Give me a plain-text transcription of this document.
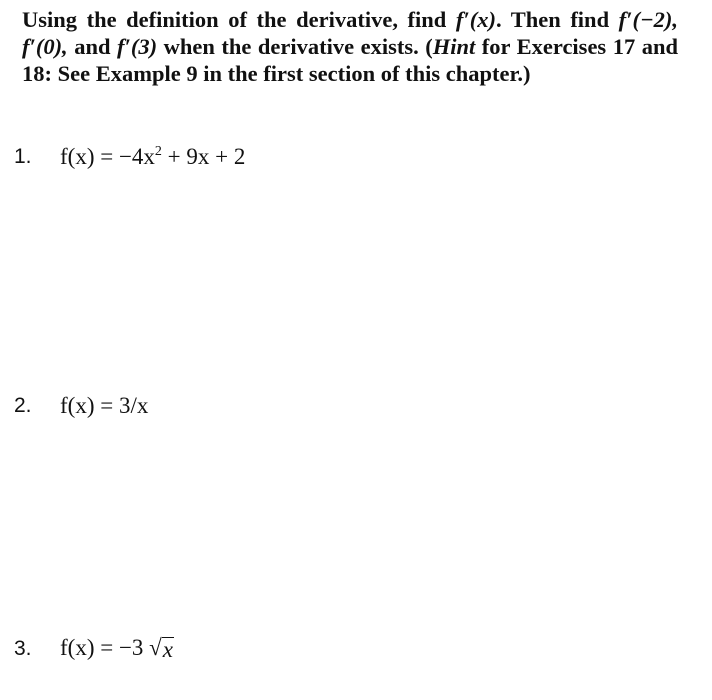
Using the definition of the derivative, find f′(x). Then find f′(−2), f′(0), and f′(3) when the derivative exists. (Hint for Exercises 17 and 18: See Example 9 in the first section of this chapter.)

1.	$f(x) = -4x^2 + 9x + 2$
2.	f(x) = 3/x
3.	f(x) = −3 √ x
